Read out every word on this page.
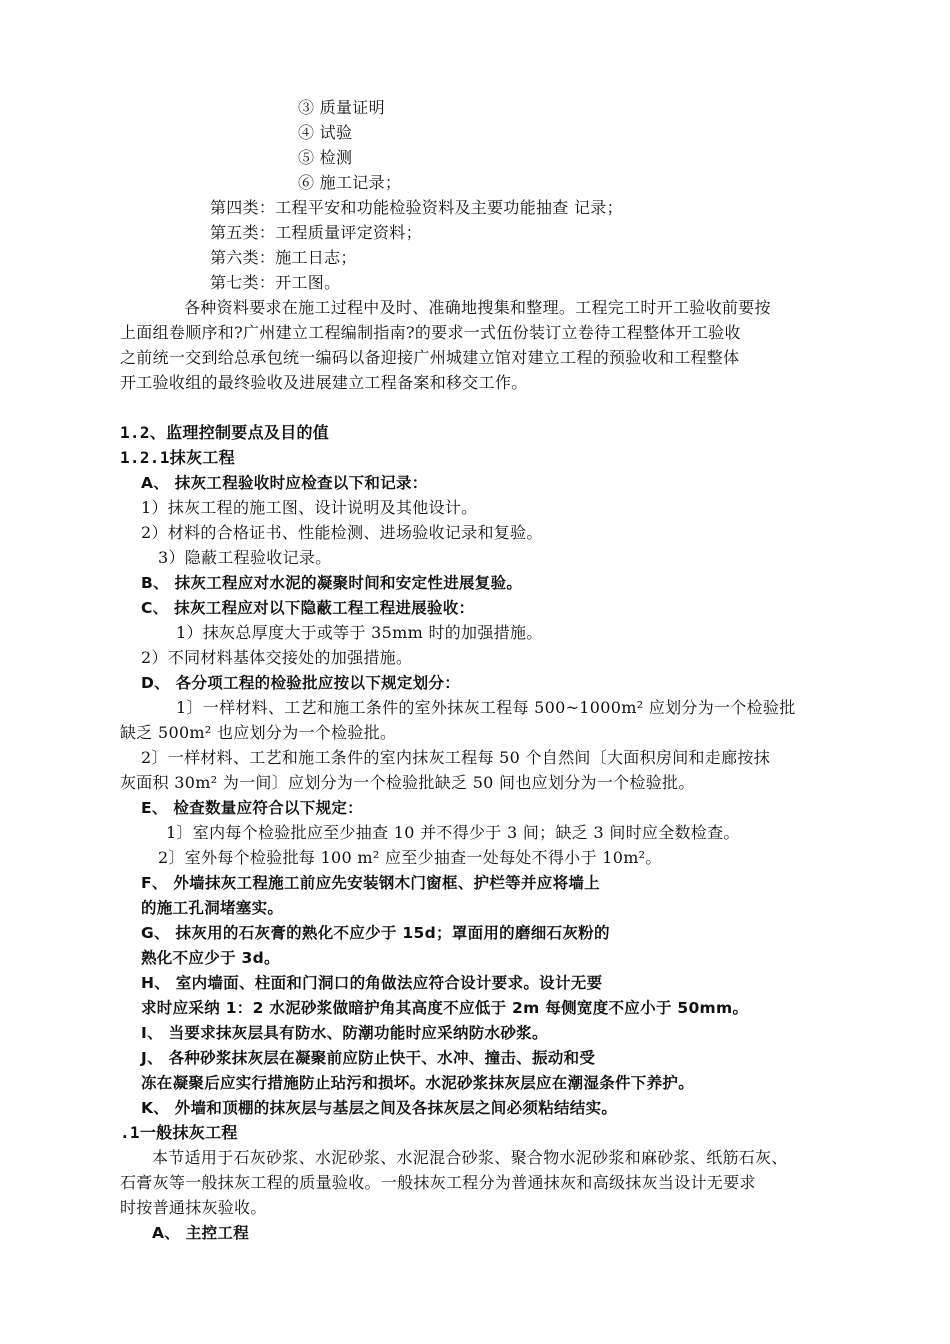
③ 质量证明
④ 试验
⑤ 检测
⑥ 施工记录；
第四类：工程平安和功能检验资料及主要功能抽查 记录；
第五类：工程质量评定资料；
第六类：施工日志；
第七类：开工图。
各种资料要求在施工过程中及时、准确地搜集和整理。工程完工时开工验收前要按
上面组卷顺序和?广州建立工程编制指南?的要求一式伍份装订立卷待工程整体开工验收
之前统一交到给总承包统一编码以备迎接广州城建立馆对建立工程的预验收和工程整体
开工验收组的最终验收及进展建立工程备案和移交工作。
1.2、监理控制要点及目的值
1.2.1抹灰工程
A、 抹灰工程验收时应检查以下和记录：
1）抹灰工程的施工图、设计说明及其他设计。
2）材料的合格证书、性能检测、进场验收记录和复验。
3）隐蔽工程验收记录。
B、 抹灰工程应对水泥的凝聚时间和安定性进展复验。
C、 抹灰工程应对以下隐蔽工程工程进展验收：
1）抹灰总厚度大于或等于 35mm 时的加强措施。
2）不同材料基体交接处的加强措施。
D、 各分项工程的检验批应按以下规定划分：
1〕一样材料、工艺和施工条件的室外抹灰工程每 500~1000m² 应划分为一个检验批
缺乏 500m² 也应划分为一个检验批。
2〕一样材料、工艺和施工条件的室内抹灰工程每 50 个自然间〔大面积房间和走廊按抹
灰面积 30m² 为一间〕应划分为一个检验批缺乏 50 间也应划分为一个检验批。
E、 检查数量应符合以下规定：
1〕室内每个检验批应至少抽查 10 并不得少于 3 间；缺乏 3 间时应全数检查。
2〕室外每个检验批每 100 m² 应至少抽查一处每处不得小于 10m²。
F、 外墙抹灰工程施工前应先安装钢木门窗框、护栏等并应将墙上
的施工孔洞堵塞实。
G、 抹灰用的石灰膏的熟化不应少于 15d；罩面用的磨细石灰粉的
熟化不应少于 3d。
H、 室内墙面、柱面和门洞口的角做法应符合设计要求。设计无要
求时应采纳 1：2 水泥砂浆做暗护角其高度不应低于 2m 每侧宽度不应小于 50mm。
I、 当要求抹灰层具有防水、防潮功能时应采纳防水砂浆。
J、 各种砂浆抹灰层在凝聚前应防止快干、水冲、撞击、振动和受
冻在凝聚后应实行措施防止玷污和损坏。水泥砂浆抹灰层应在潮湿条件下养护。
K、 外墙和顶棚的抹灰层与基层之间及各抹灰层之间必须粘结结实。
.1一般抹灰工程
本节适用于石灰砂浆、水泥砂浆、水泥混合砂浆、聚合物水泥砂浆和麻砂浆、纸筋石灰、
石膏灰等一般抹灰工程的质量验收。一般抹灰工程分为普通抹灰和高级抹灰当设计无要求
时按普通抹灰验收。
A、 主控工程
